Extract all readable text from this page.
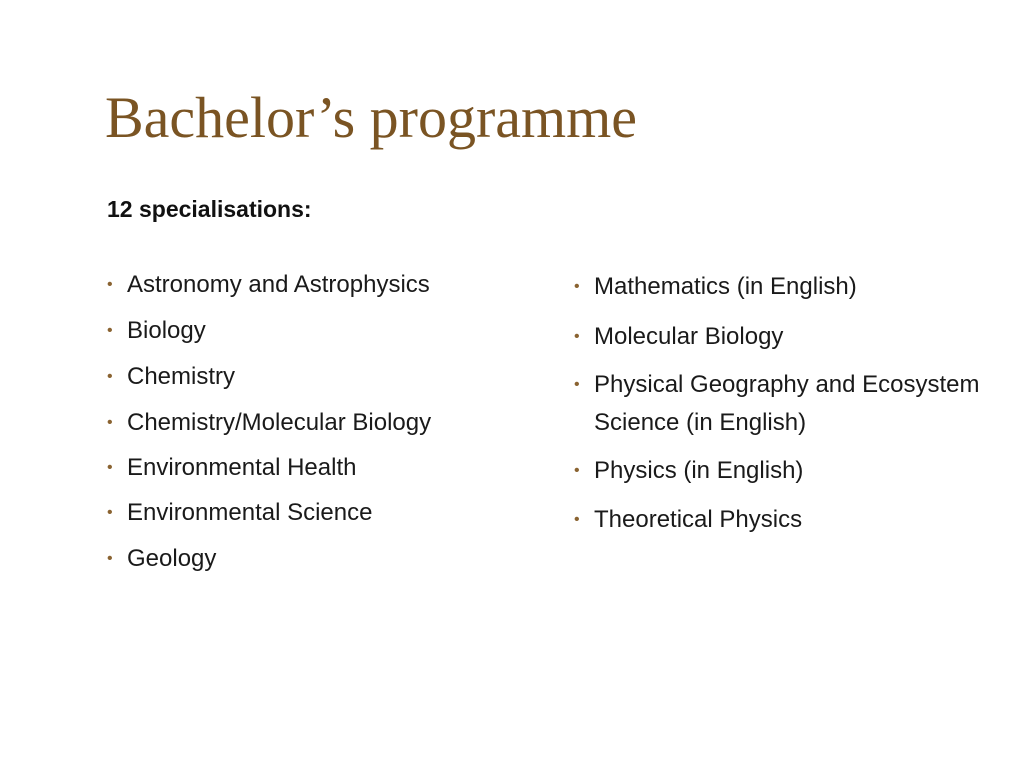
Bachelor’s programme
12 specialisations:
• Astronomy and Astrophysics
• Biology
• Chemistry
• Chemistry/Molecular Biology
• Environmental Health
• Environmental Science
• Geology
• Mathematics (in English)
• Molecular Biology
• Physical Geography and Ecosystem Science (in English)
• Physics (in English)
• Theoretical Physics
